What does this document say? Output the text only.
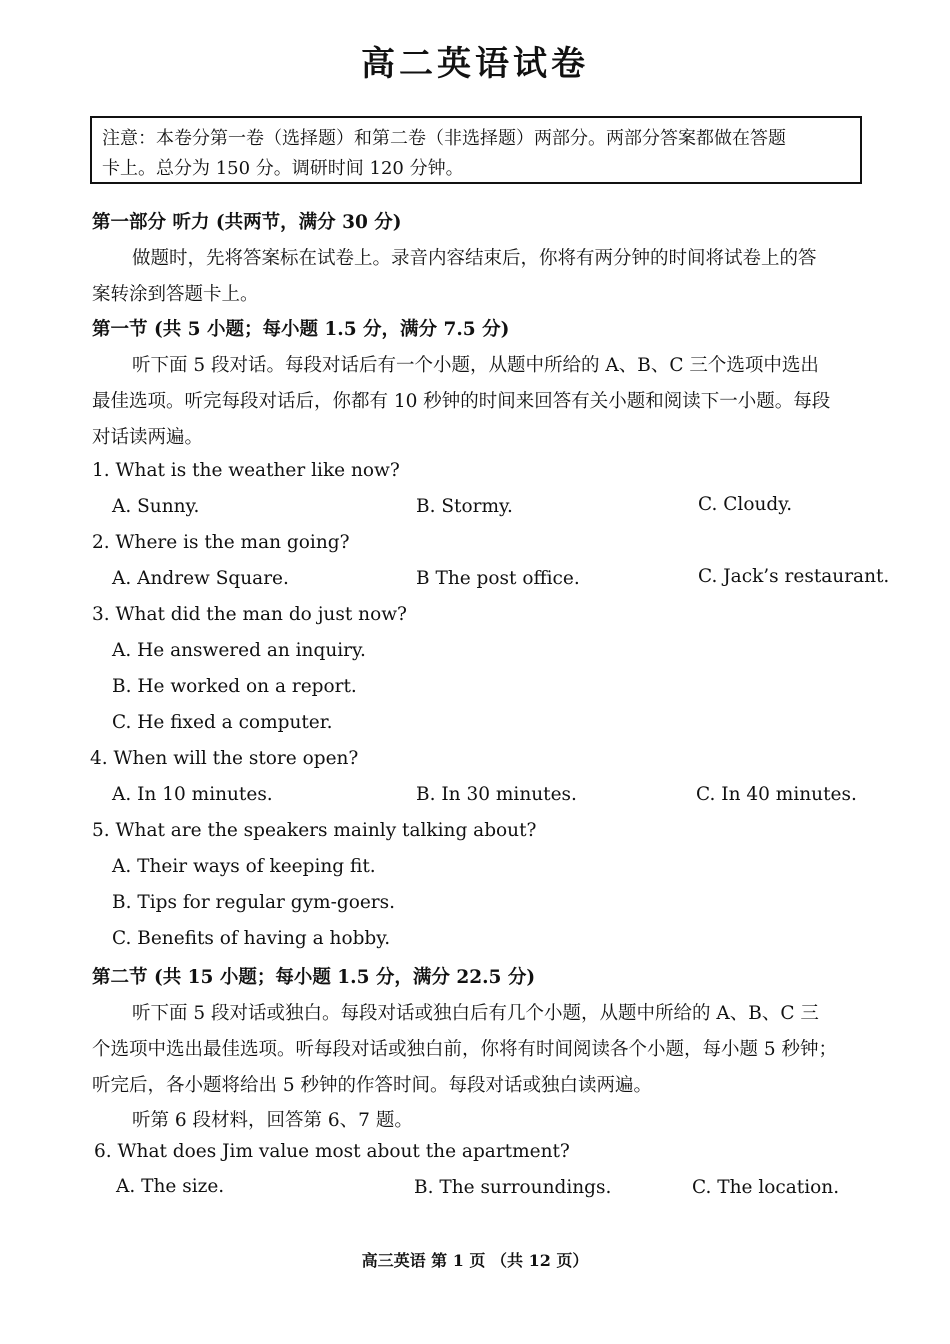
高二英语试卷
注意：本卷分第一卷（选择题）和第二卷（非选择题）两部分。两部分答案都做在答题
卡上。总分为 150 分。调研时间 120 分钟。
第一部分 听力 (共两节，满分 30 分)
做题时，先将答案标在试卷上。录音内容结束后，你将有两分钟的时间将试卷上的答
案转涂到答题卡上。
第一节 (共 5 小题；每小题 1.5 分，满分 7.5 分)
听下面 5 段对话。每段对话后有一个小题，从题中所给的 A、B、C 三个选项中选出
最佳选项。听完每段对话后，你都有 10 秒钟的时间来回答有关小题和阅读下一小题。每段
对话读两遍。
1. What is the weather like now?
A. Sunny.	B. Stormy.	C. Cloudy.
2. Where is the man going?
A. Andrew Square.	B The post office.	C. Jack’s restaurant.
3. What did the man do just now?
A. He answered an inquiry.
B. He worked on a report.
C. He fixed a computer.
4. When will the store open?
A. In 10 minutes.	B. In 30 minutes.	C. In 40 minutes.
5. What are the speakers mainly talking about?
A. Their ways of keeping fit.
B. Tips for regular gym-goers.
C. Benefits of having a hobby.
第二节 (共 15 小题；每小题 1.5 分，满分 22.5 分)
听下面 5 段对话或独白。每段对话或独白后有几个小题，从题中所给的 A、B、C 三
个选项中选出最佳选项。听每段对话或独白前，你将有时间阅读各个小题，每小题 5 秒钟；
听完后，各小题将给出 5 秒钟的作答时间。每段对话或独白读两遍。
听第 6 段材料，回答第 6、7 题。
6. What does Jim value most about the apartment?
A. The size.	B. The surroundings.	C. The location.
高三英语 第 1 页 （共 12 页）
